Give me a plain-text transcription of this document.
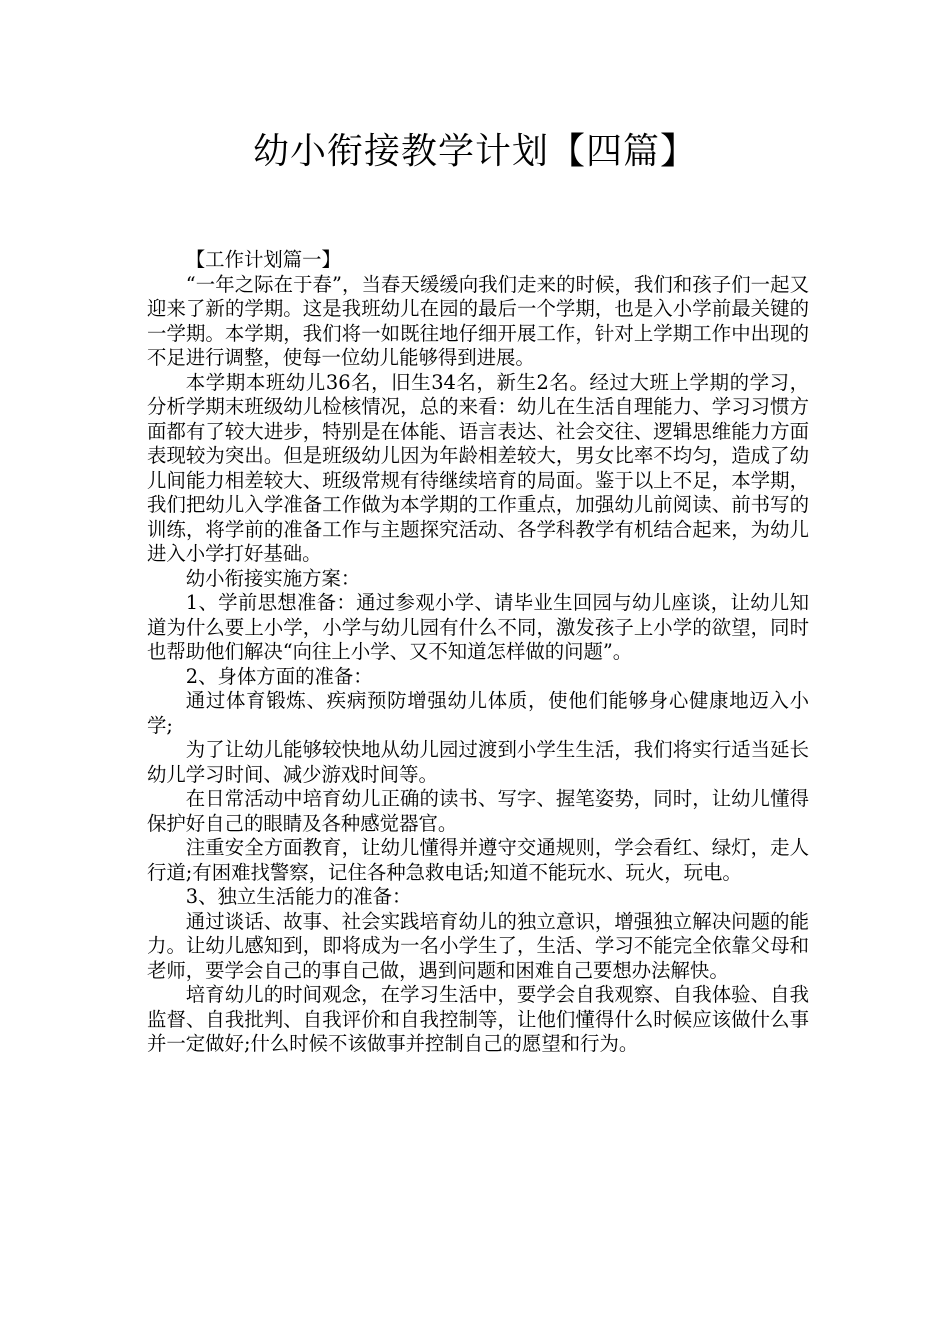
幼小衔接教学计划【四篇】

【工作计划篇一】

“一年之际在于春”，当春天缓缓向我们走来的时候，我们和孩子们一起又迎来了新的学期。这是我班幼儿在园的最后一个学期，也是入小学前最关键的一学期。本学期，我们将一如既往地仔细开展工作，针对上学期工作中出现的不足进行调整，使每一位幼儿能够得到进展。

本学期本班幼儿36名，旧生34名，新生2名。经过大班上学期的学习，分析学期末班级幼儿检核情况，总的来看：幼儿在生活自理能力、学习习惯方面都有了较大进步，特别是在体能、语言表达、社会交往、逻辑思维能力方面表现较为突出。但是班级幼儿因为年龄相差较大，男女比率不均匀，造成了幼儿间能力相差较大、班级常规有待继续培育的局面。鉴于以上不足，本学期，我们把幼儿入学准备工作做为本学期的工作重点，加强幼儿前阅读、前书写的训练，将学前的准备工作与主题探究活动、各学科教学有机结合起来，为幼儿进入小学打好基础。

幼小衔接实施方案：

1、学前思想准备：通过参观小学、请毕业生回园与幼儿座谈，让幼儿知道为什么要上小学，小学与幼儿园有什么不同，激发孩子上小学的欲望，同时也帮助他们解决“向往上小学、又不知道怎样做的问题”。

2、身体方面的准备：

通过体育锻炼、疾病预防增强幼儿体质，使他们能够身心健康地迈入小学;

为了让幼儿能够较快地从幼儿园过渡到小学生生活，我们将实行适当延长幼儿学习时间、减少游戏时间等。

在日常活动中培育幼儿正确的读书、写字、握笔姿势，同时，让幼儿懂得保护好自己的眼睛及各种感觉器官。

注重安全方面教育，让幼儿懂得并遵守交通规则，学会看红、绿灯，走人行道;有困难找警察，记住各种急救电话;知道不能玩水、玩火，玩电。

3、独立生活能力的准备：

通过谈话、故事、社会实践培育幼儿的独立意识，增强独立解决问题的能力。让幼儿感知到，即将成为一名小学生了，生活、学习不能完全依靠父母和老师，要学会自己的事自己做，遇到问题和困难自己要想办法解快。

培育幼儿的时间观念，在学习生活中，要学会自我观察、自我体验、自我监督、自我批判、自我评价和自我控制等，让他们懂得什么时候应该做什么事并一定做好;什么时候不该做事并控制自己的愿望和行为。
